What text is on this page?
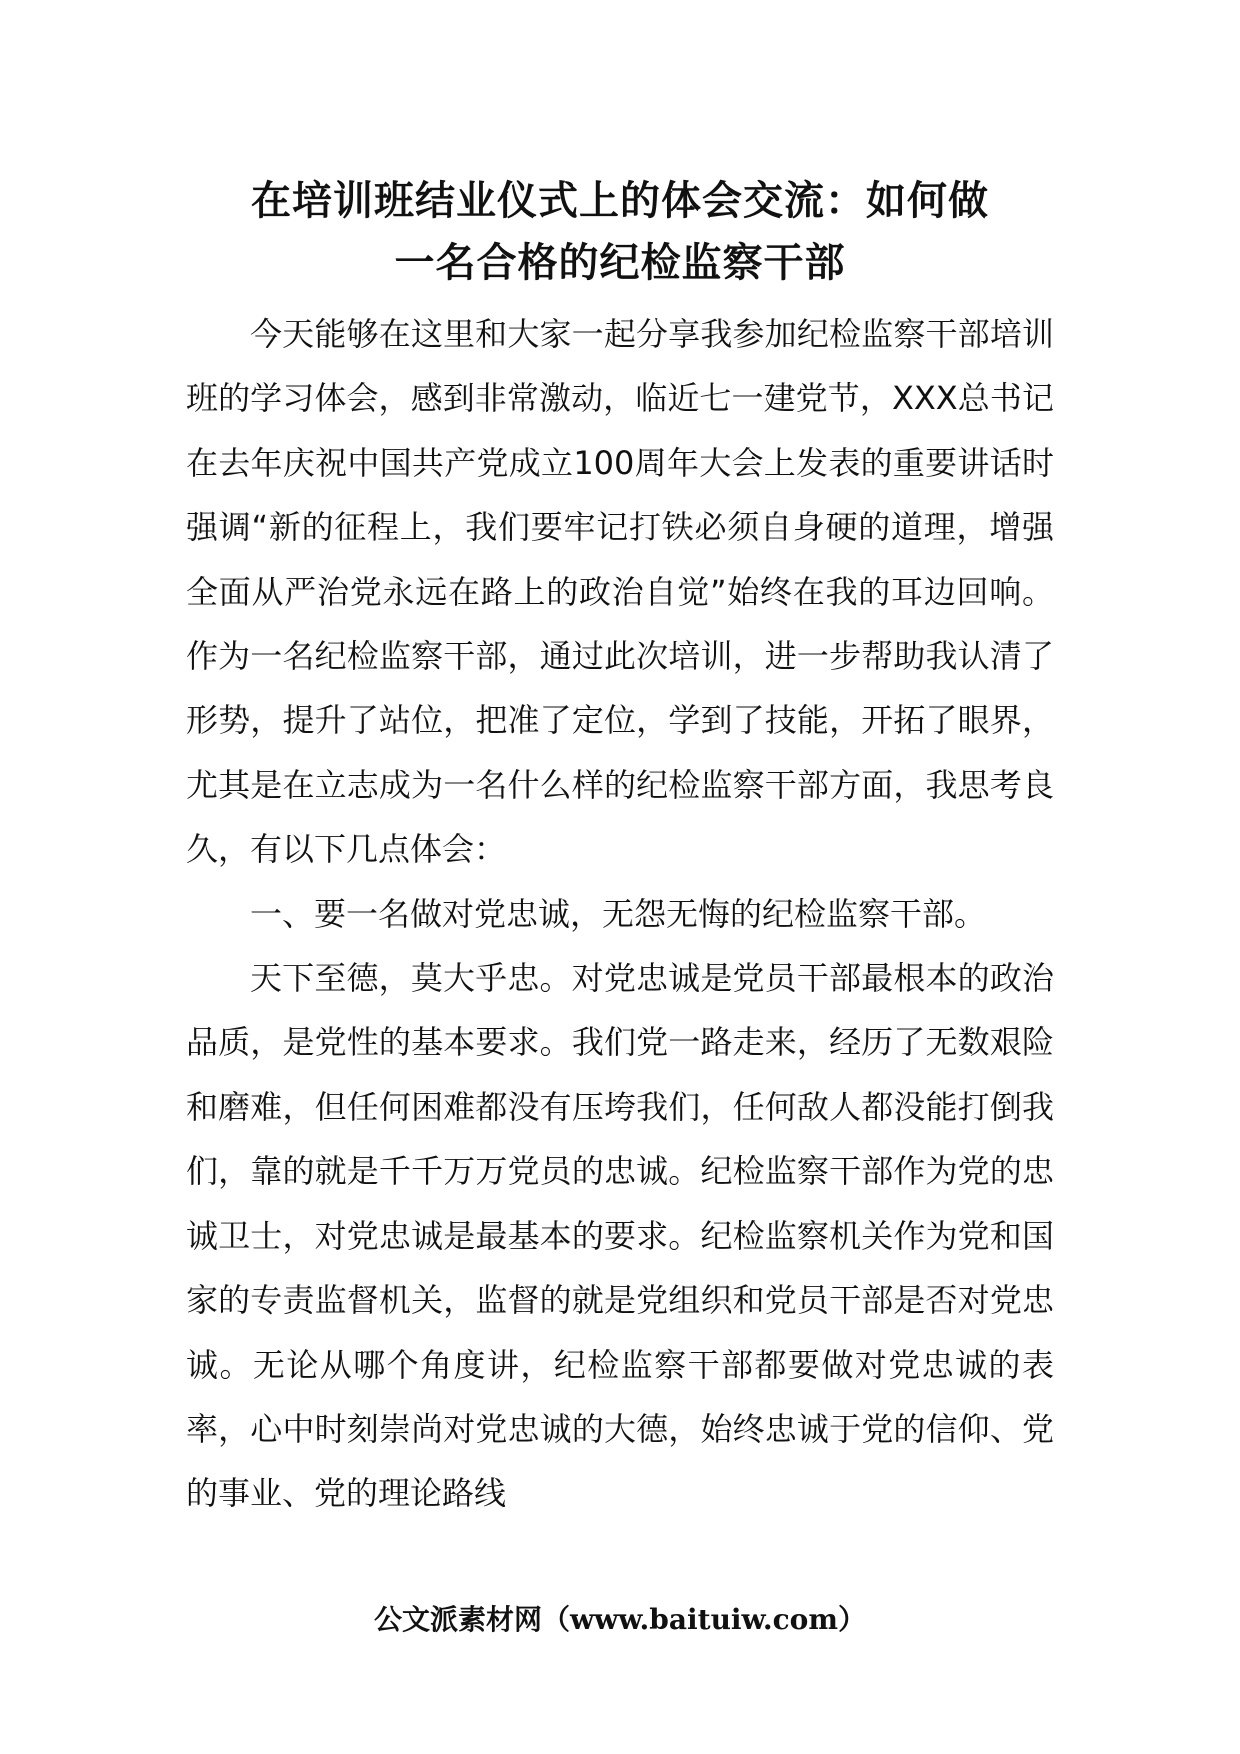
在培训班结业仪式上的体会交流：如何做
一名合格的纪检监察干部

今天能够在这里和大家一起分享我参加纪检监察干部培训班的学习体会，感到非常激动，临近七一建党节，XXX总书记在去年庆祝中国共产党成立100周年大会上发表的重要讲话时强调“新的征程上，我们要牢记打铁必须自身硬的道理，增强全面从严治党永远在路上的政治自觉”始终在我的耳边回响。作为一名纪检监察干部，通过此次培训，进一步帮助我认清了形势，提升了站位，把准了定位，学到了技能，开拓了眼界，尤其是在立志成为一名什么样的纪检监察干部方面，我思考良久，有以下几点体会：

一、要一名做对党忠诚，无怨无悔的纪检监察干部。

天下至德，莫大乎忠。对党忠诚是党员干部最根本的政治品质，是党性的基本要求。我们党一路走来，经历了无数艰险和磨难，但任何困难都没有压垮我们，任何敌人都没能打倒我们，靠的就是千千万万党员的忠诚。纪检监察干部作为党的忠诚卫士，对党忠诚是最基本的要求。纪检监察机关作为党和国家的专责监督机关，监督的就是党组织和党员干部是否对党忠诚。无论从哪个角度讲，纪检监察干部都要做对党忠诚的表率，心中时刻崇尚对党忠诚的大德，始终忠诚于党的信仰、党的事业、党的理论路线

公文派素材网（www.baituiw.com）
